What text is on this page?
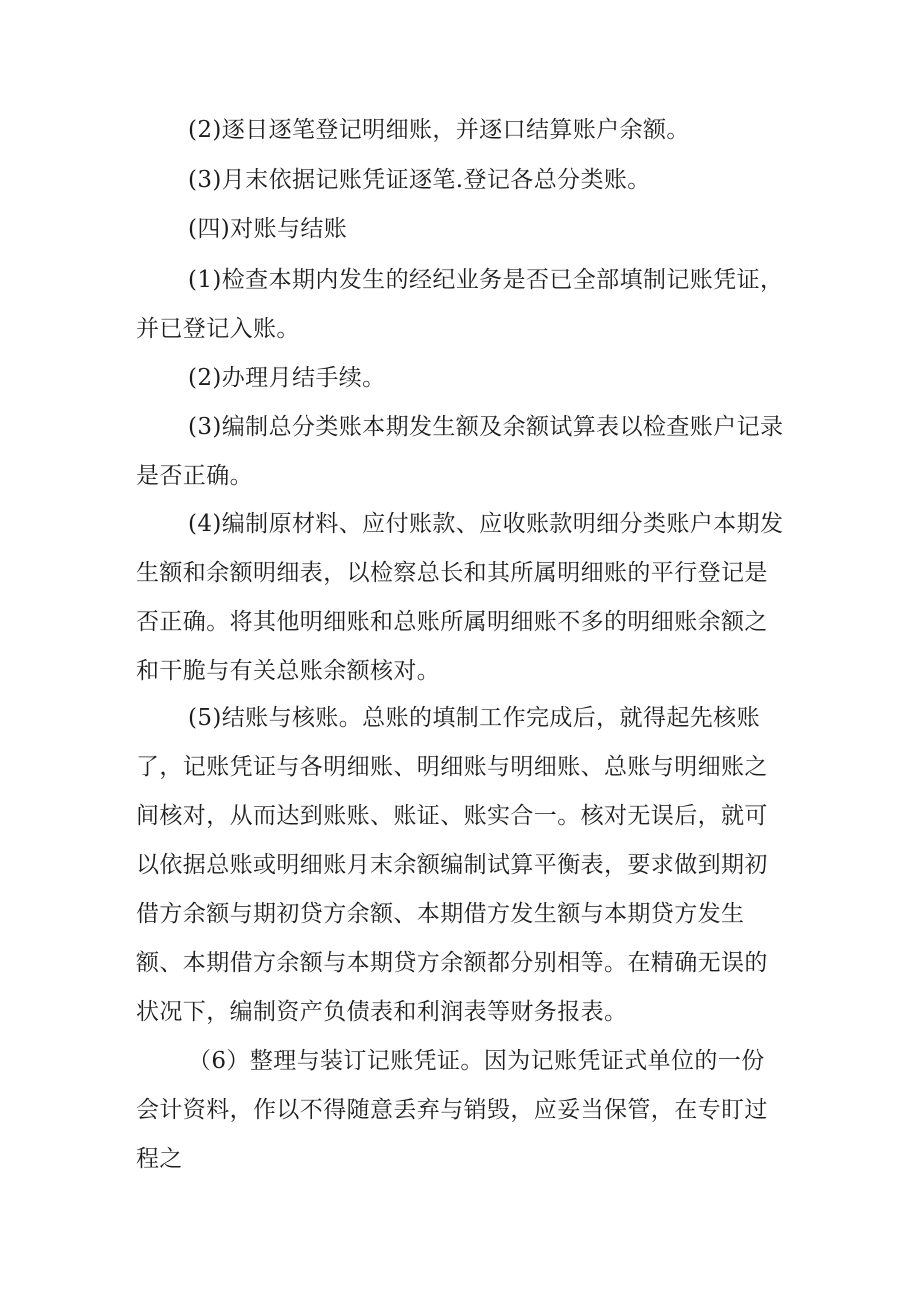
(2)逐日逐笔登记明细账，并逐口结算账户余额。

(3)月末依据记账凭证逐笔.登记各总分类账。

(四)对账与结账

(1)检查本期内发生的经纪业务是否已全部填制记账凭证，并已登记入账。

(2)办理月结手续。

(3)编制总分类账本期发生额及余额试算表以检查账户记录是否正确。

(4)编制原材料、应付账款、应收账款明细分类账户本期发生额和余额明细表，以检察总长和其所属明细账的平行登记是否正确。将其他明细账和总账所属明细账不多的明细账余额之和干脆与有关总账余额核对。

(5)结账与核账。总账的填制工作完成后，就得起先核账了，记账凭证与各明细账、明细账与明细账、总账与明细账之间核对，从而达到账账、账证、账实合一。核对无误后，就可以依据总账或明细账月末余额编制试算平衡表，要求做到期初借方余额与期初贷方余额、本期借方发生额与本期贷方发生额、本期借方余额与本期贷方余额都分别相等。在精确无误的状况下，编制资产负债表和利润表等财务报表。

（6）整理与装订记账凭证。因为记账凭证式单位的一份会计资料，作以不得随意丢弃与销毁，应妥当保管，在专盯过程之
